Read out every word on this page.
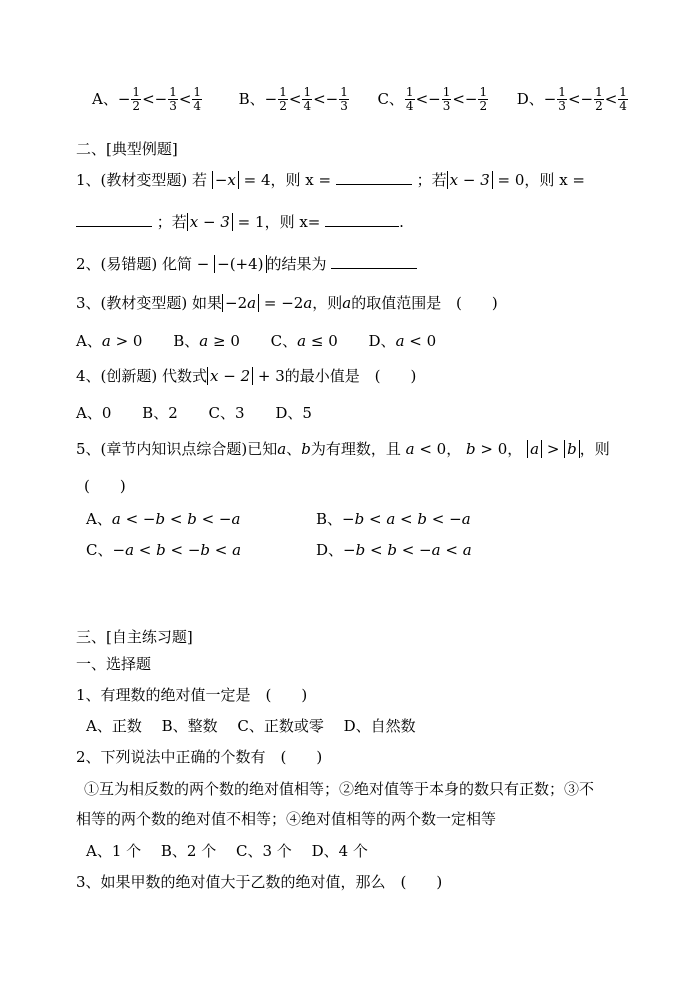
A、− $\frac{1}{2} <- \frac{1}{3} < \frac{1}{4}$ B、− $\frac{1}{2} < \frac{1}{4} <- \frac{1}{3}$ C、 $\frac{1}{4} <- \frac{1}{3} <- \frac{1}{2}$ D、− $\frac{1}{3} <- \frac{1}{2} < \frac{1}{4}$
二、[典型例题]
1、(教材变型题) 若 −x = 4，则 x =	；若 x − 3 = 0，则 x =
；若 x − 3 = 1，则 x=	.
2、(易错题) 化简 − −(+4) 的结果为
3、(教材变型题) 如果 −2a = −2a，则a的取值范围是 (　　)
A、a > 0 B、a ≥ 0 C、a ≤ 0 D、a < 0
4、(创新题) 代数式 x − 2 + 3的最小值是 (　　)
A、0 B、2 C、3 D、5
5、(章节内知识点综合题)已知a、b为有理数，且 a < 0， b > 0， a > b ，则
(　　)
A、a < −b < b < −a	B、−b < a < b < −a
C、−a < b < −b < a	D、−b < b < −a < a
三、[自主练习题]
一、选择题
1、有理数的绝对值一定是　(　　)
A、正数　 B、整数　 C、正数或零　 D、自然数
2、下列说法中正确的个数有　(　　)
①互为相反数的两个数的绝对值相等；②绝对值等于本身的数只有正数；③不
相等的两个数的绝对值不相等；④绝对值相等的两个数一定相等
A、1 个　 B、2 个　 C、3 个　 D、4 个
3、如果甲数的绝对值大于乙数的绝对值，那么　(　　)
